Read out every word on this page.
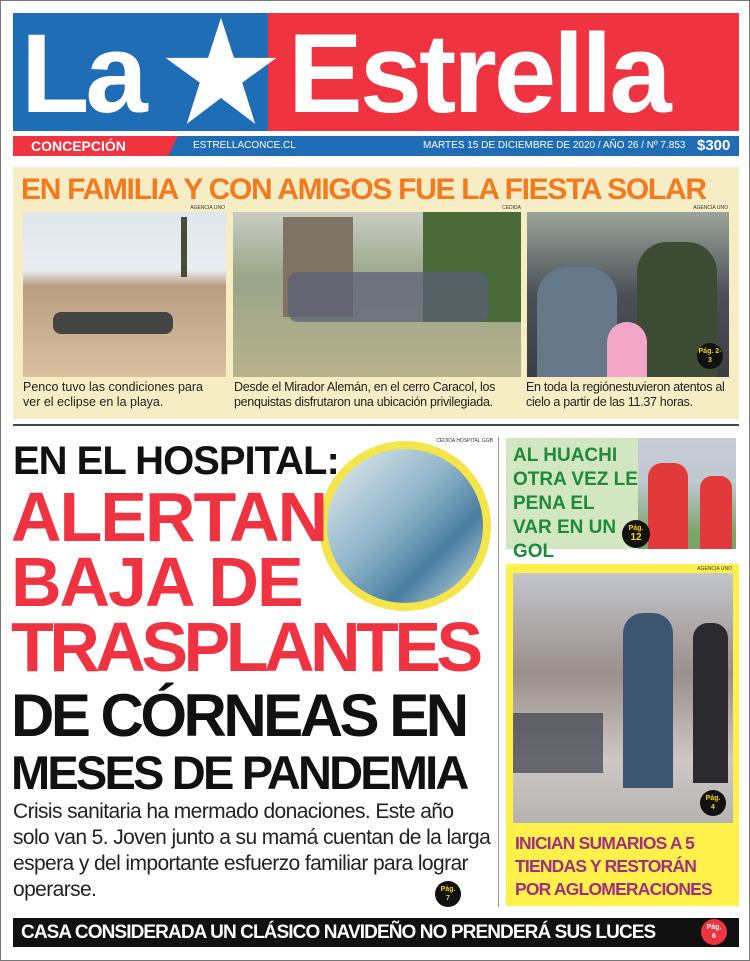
La Estrella
CONCEPCIÓN	ESTRELLACONCE.CL	MARTES 15 DE DICIEMBRE DE 2020 / AÑO 26 / Nº 7.853 $300
EN FAMILIA Y CON AMIGOS FUE LA FIESTA SOLAR
AGENCIA UNO	CEDIDA	AGENCIA UNO
Pág. 2-3
Penco tuvo las condiciones para ver el eclipse en la playa.
Desde el Mirador Alemán, en el cerro Caracol, los penquistas disfrutaron una ubicación privilegiada.
En toda la regiónestuvieron atentos al cielo a partir de las 11.37 horas.
CEDIDA HOSPITAL GGB
EN EL HOSPITAL:
ALERTAN
BAJA DE
TRASPLANTES
DE CÓRNEAS EN
MESES DE PANDEMIA
Crisis sanitaria ha mermado donaciones. Este año solo van 5. Joven junto a su mamá cuentan de la larga espera y del importante esfuerzo familiar para lograr operarse.	Pág.
7
AL HUACHI OTRA VEZ LE PENA EL VAR EN UN GOL
Pág.
12
AGENCIA UNO
Pág.
4
INICIAN SUMARIOS A 5 TIENDAS Y RESTORÁN POR AGLOMERACIONES
CASA CONSIDERADA UN CLÁSICO NAVIDEÑO NO PRENDERÁ SUS LUCES	Pág.
6
